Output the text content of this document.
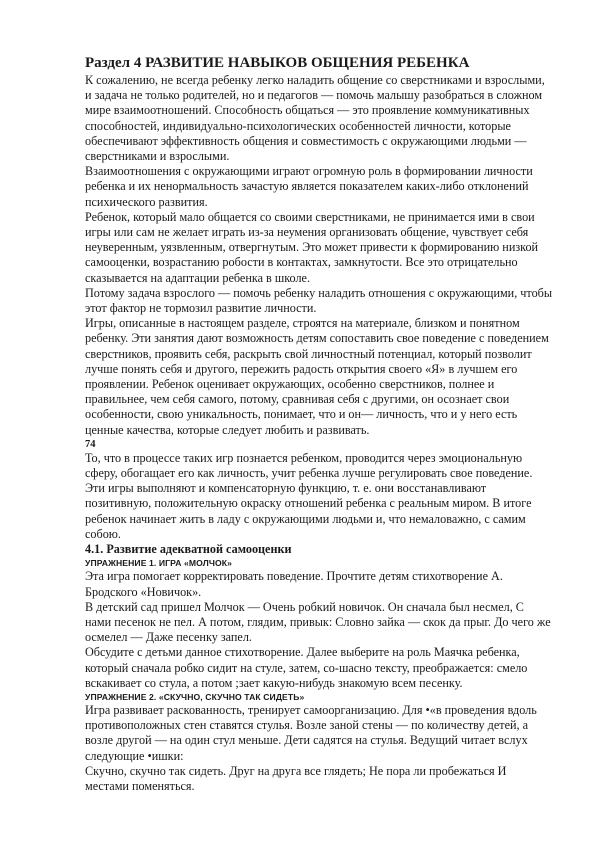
Раздел 4 РАЗВИТИЕ НАВЫКОВ ОБЩЕНИЯ РЕБЕНКА

К сожалению, не всегда ребенку легко наладить общение со сверстниками и взрослыми, и задача не только родителей, но и педагогов — помочь малышу разобраться в сложном мире взаимоотношений. Способность общаться — это проявление коммуникативных способностей, индивидуально-психологических особенностей личности, которые обеспечивают эффективность общения и совместимость с окружающими людьми — сверстниками и взрослыми.

Взаимоотношения с окружающими играют огромную роль в формировании личности ребенка и их ненормальность зачастую является показателем каких-либо отклонений психического развития.

Ребенок, который мало общается со своими сверстниками, не принимается ими в свои игры или сам не желает играть из-за неумения организовать общение, чувствует себя неуверенным, уязвленным, отвергнутым. Это может привести к формированию низкой самооценки, возрастанию робости в контактах, замкнутости. Все это отрицательно сказывается на адаптации ребенка в школе.

Потому задача взрослого — помочь ребенку наладить отношения с окружающими, чтобы этот фактор не тормозил развитие личности.

Игры, описанные в настоящем разделе, строятся на материале, близком и понятном ребенку. Эти занятия дают возможность детям сопоставить свое поведение с поведением сверстников, проявить себя, раскрыть свой личностный потенциал, который позволит лучше понять себя и другого, пережить радость открытия своего «Я» в лучшем его проявлении. Ребенок оценивает окружающих, особенно сверстников, полнее и правильнее, чем себя самого, потому, сравнивая себя с другими, он осознает свои особенности, свою уникальность, понимает, что и он— личность, что и у него есть ценные качества, которые следует любить и развивать.

74

То, что в процессе таких игр познается ребенком, проводится через эмоциональную сферу, обогащает его как личность, учит ребенка лучше регулировать свое поведение. Эти игры выполняют и компенсаторную функцию, т. е. они восстанавливают позитивную, положительную окраску отношений ребенка с реальным миром. В итоге ребенок начинает жить в ладу с окружающими людьми и, что немаловажно, с самим собою.

4.1. Развитие адекватной самооценки

УПРАЖНЕНИЕ 1. ИГРА «МОЛЧОК»

Эта игра помогает корректировать поведение. Прочтите детям стихотворение А. Бродского «Новичок».

В детский сад пришел Молчок — Очень робкий новичок. Он сначала был несмел, С нами песенок не пел. А потом, глядим, привык: Словно зайка — скок да прыг. До чего же осмелел — Даже песенку запел.

Обсудите с детьми данное стихотворение. Далее выберите на роль Маячка ребенка, который сначала робко сидит на стуле, затем, со-шасно тексту, преображается: смело вскакивает со стула, а потом ;зает какую-нибудь знакомую всем песенку.

УПРАЖНЕНИЕ 2. «СКУЧНО, СКУЧНО ТАК СИДЕТЬ»

Игра развивает раскованность, тренирует самоорганизацию. Для •«в проведения вдоль противоположных стен ставятся стулья. Возле заной стены — по количеству детей, а возле другой — на один стул меньше. Дети садятся на стулья. Ведущий читает вслух следующие •ишки:

Скучно, скучно так сидеть. Друг на друга все глядеть; Не пора ли пробежаться И местами поменяться.
